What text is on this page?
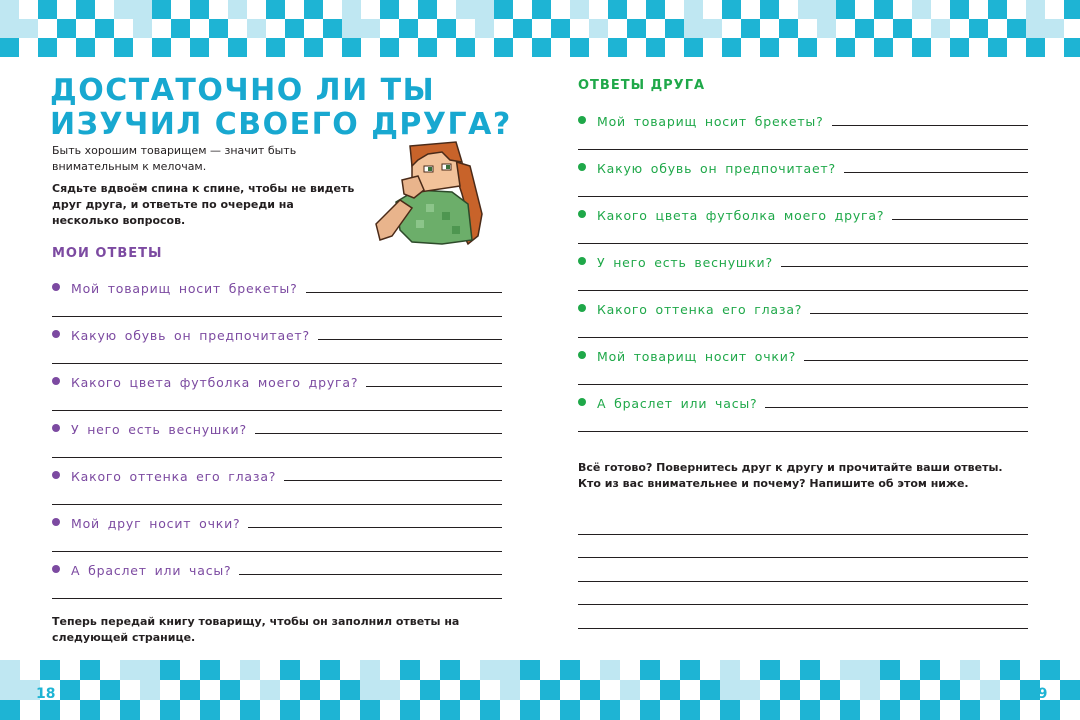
18	19
ДОСТАТОЧНО ЛИ ТЫ
ИЗУЧИЛ СВОЕГО ДРУГА?

Быть хорошим товарищем — значит быть внимательным к мелочам.

Сядьте вдвоём спина к спине, чтобы не видеть друг друга, и ответьте по очереди на несколько вопросов.

МОИ ОТВЕТЫ
Мой товарищ носит брекеты?
Какую обувь он предпочитает?
Какого цвета футболка моего друга?
У него есть веснушки?
Какого оттенка его глаза?
Мой друг носит очки?
А браслет или часы?
Теперь передай книгу товарищу, чтобы он заполнил ответы на следующей странице.
ОТВЕТЫ ДРУГА
Мой товарищ носит брекеты?
Какую обувь он предпочитает?
Какого цвета футболка моего друга?
У него есть веснушки?
Какого оттенка его глаза?
Мой товарищ носит очки?
А браслет или часы?
Всё готово? Повернитесь друг к другу и прочитайте ваши ответы. Кто из вас внимательнее и почему? Напишите об этом ниже.
